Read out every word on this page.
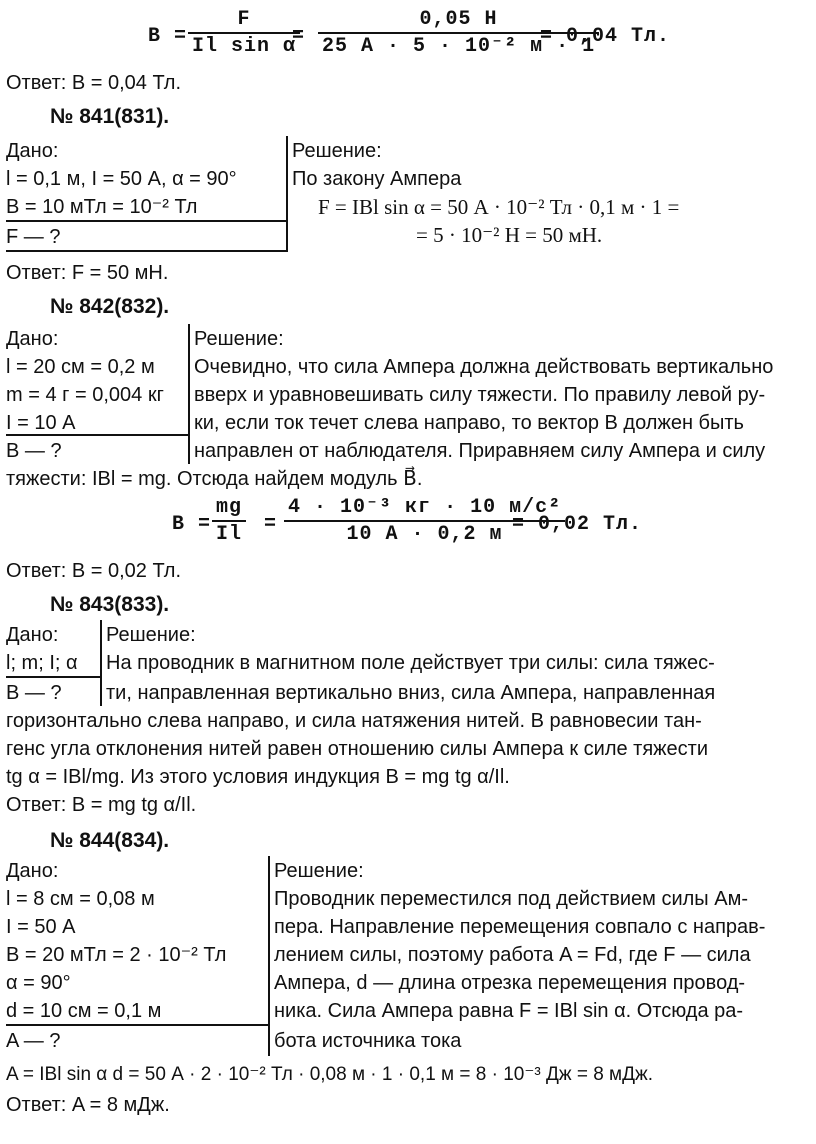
B =
F
Il sin α
=
0,05 Н
25 А · 5 · 10⁻² м · 1
= 0,04 Тл.
Ответ: B = 0,04 Тл.
№ 841(831).
Дано:
l = 0,1 м, I = 50 А, α = 90°
B = 10 мТл = 10⁻² Тл
F — ?
Решение:
По закону Ампера
F = IBl sin α = 50 А · 10⁻² Тл · 0,1 м · 1 =
= 5 · 10⁻² Н = 50 мН.
Ответ: F = 50 мН.
№ 842(832).
Дано:
l = 20 см = 0,2 м
m = 4 г = 0,004 кг
I = 10 А
B — ?
Решение:
Очевидно, что сила Ампера должна действовать вертикально
вверх и уравновешивать силу тяжести. По правилу левой ру-
ки, если ток течет слева направо, то вектор В должен быть
направлен от наблюдателя. Приравняем силу Ампера и силу
тяжести: IBl = mg. Отсюда найдем модуль B⃗.
B =
mg
Il =
4 · 10⁻³ кг · 10 м/с²
10 А · 0,2 м = 0,02 Тл.
Ответ: B = 0,02 Тл.
№ 843(833).
Дано:
l; m; I; α
B — ?
Решение:
На проводник в магнитном поле действует три силы: сила тяжес-
ти, направленная вертикально вниз, сила Ампера, направленная
горизонтально слева направо, и сила натяжения нитей. В равновесии тан-
генс угла отклонения нитей равен отношению силы Ампера к силе тяжести
tg α = IBl/mg. Из этого условия индукция B = mg tg α/Il.
Ответ: B = mg tg α/Il.
№ 844(834).
Дано:
l = 8 см = 0,08 м
I = 50 А
B = 20 мТл = 2 · 10⁻² Тл
α = 90°
d = 10 см = 0,1 м
A — ?
Решение:
Проводник переместился под действием силы Ам-
пера. Направление перемещения совпало с направ-
лением силы, поэтому работа A = Fd, где F — сила
Ампера, d — длина отрезка перемещения провод-
ника. Сила Ампера равна F = IBl sin α. Отсюда ра-
бота источника тока
A = IBl sin α d = 50 А · 2 · 10⁻² Тл · 0,08 м · 1 · 0,1 м = 8 · 10⁻³ Дж = 8 мДж.
Ответ: A = 8 мДж.
